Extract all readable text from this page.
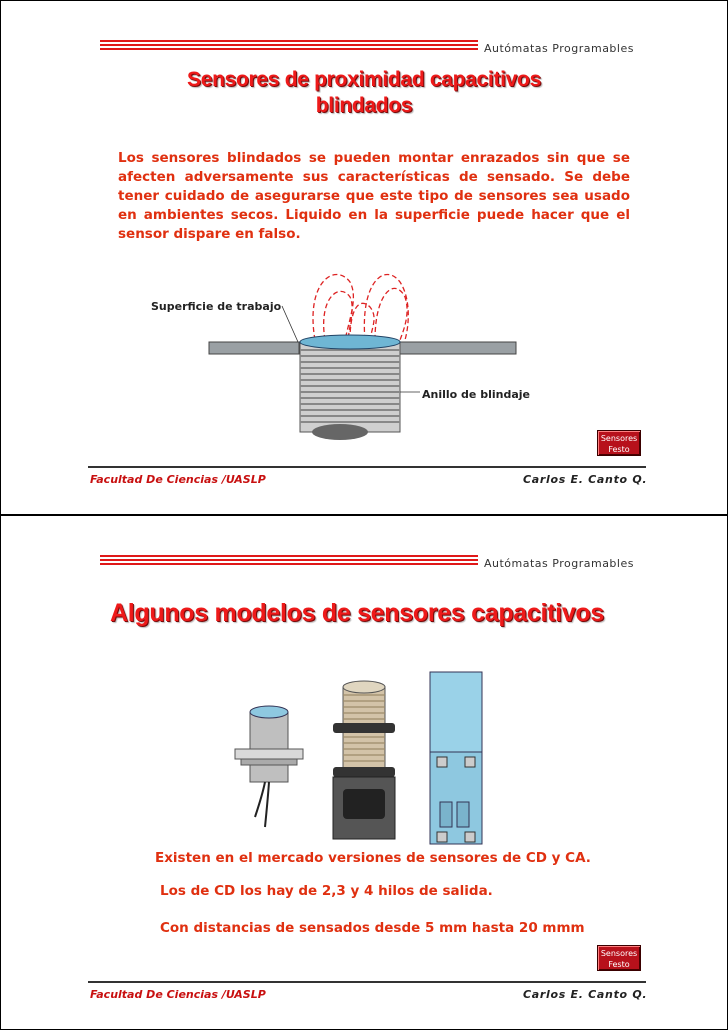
Autómatas Programables
Sensores de proximidad capacitivos
blindados
Los sensores blindados se pueden montar enrazados sin que se afecten adversamente sus características de sensado. Se debe tener cuidado de asegurarse que este tipo de sensores sea usado en ambientes secos. Liquido en la superficie puede hacer que el sensor dispare en falso.
Superficie de trabajo
Anillo de blindaje
Sensores
Festo
Facultad De Ciencias /UASLP	Carlos E. Canto Q.
Autómatas Programables
Algunos modelos de sensores capacitivos
Existen en el mercado versiones de sensores de CD y CA.
Los de CD los hay de 2,3 y 4 hilos de salida.
Con distancias de sensados desde 5 mm hasta 20 mmm
Sensores
Festo
Facultad De Ciencias /UASLP	Carlos E. Canto Q.
